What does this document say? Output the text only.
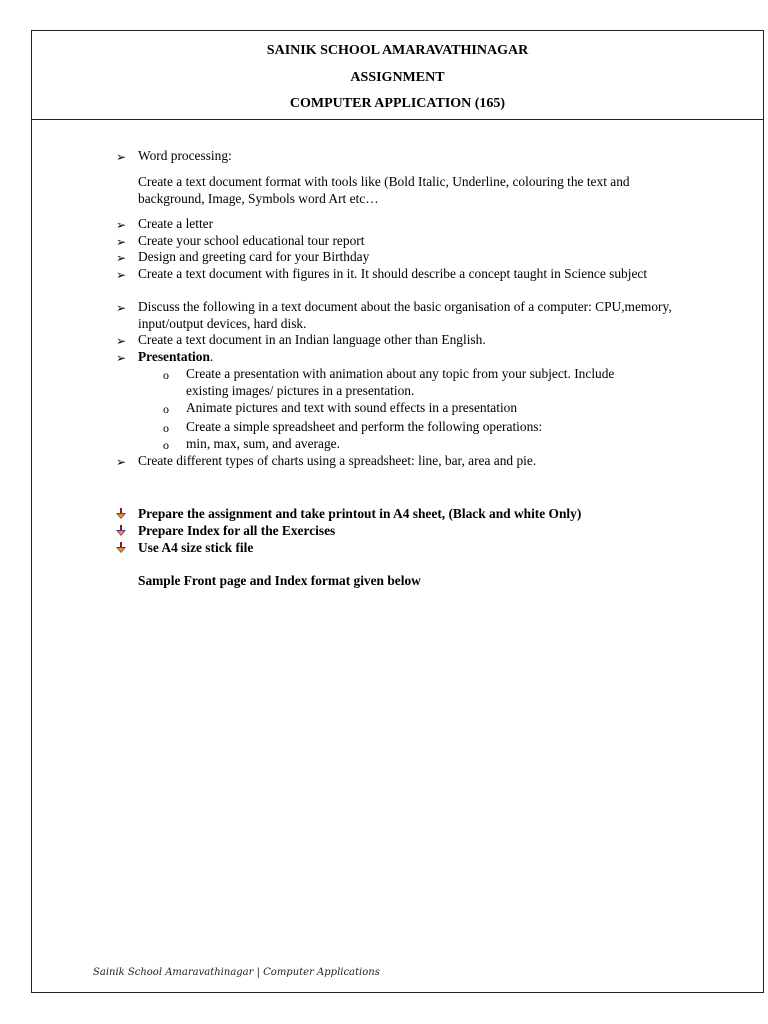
SAINIK SCHOOL AMARAVATHINAGAR
ASSIGNMENT
COMPUTER APPLICATION (165)
➢ Word processing:
Create a text document format with tools like (Bold Italic, Underline, colouring the text and background, Image, Symbols word Art etc…
➢ Create a letter
➢ Create your school educational tour report
➢ Design and greeting card for your Birthday
➢ Create a text document with figures in it. It should describe a concept taught in Science subject
➢ Discuss the following in a text document about the basic organisation of a computer: CPU,memory, input/output devices, hard disk.
➢ Create a text document in an Indian language other than English.
➢ Presentation.
o Create a presentation with animation about any topic from your subject. Include existing images/ pictures in a presentation.
o Animate pictures and text with sound effects in a presentation
o Create a simple spreadsheet and perform the following operations:
o min, max, sum, and average.
➢ Create different types of charts using a spreadsheet: line, bar, area and pie.
Prepare the assignment and take printout in A4 sheet, (Black and white Only)
Prepare Index for all the Exercises
Use A4 size stick file
Sample Front page and Index format given below
Sainik School Amaravathinagar | Computer Applications
